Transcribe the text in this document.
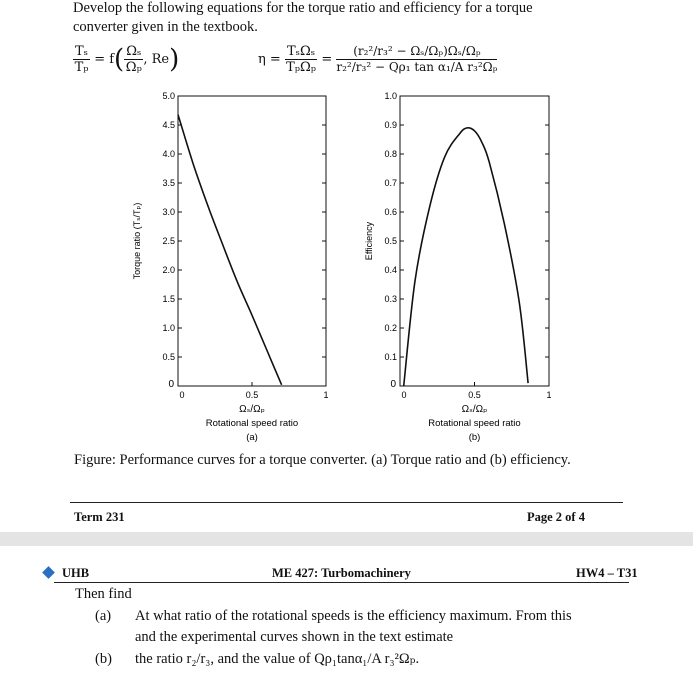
Develop the following equations for the torque ratio and efficiency for a torque

converter given in the textbook.

$\frac{\text{Tₛ}}{\text{Tₚ}} = f( \frac{\text{Ωₛ}}{\text{Ωₚ}}$ , Re)	$\eta = \frac{\text{TₛΩₛ}}{\text{TₚΩₚ}} = \frac{\text{(r₂²/r₃² − Ωₛ/Ωₚ)Ωₛ/Ωₚ}}{\text{r₂²/r₃² − Qρ₁ tan α₁/A r₃²Ωₚ}}$
0.5
1.0
1.5
2.0
2.5
3.0
3.5
4.0
4.5
5.0
0
0	0.5	1
Ωₛ/Ωₚ
Rotational speed ratio
(a)
Torque ratio (Tₛ/Tₚ)
0.1
0.2
0.3
0.4
0.5
0.6
0.7
0.8
0.9
1.0
0
0	0.5	1
Ωₛ/Ωₚ
Rotational speed ratio
(b)
Efficiency

Figure: Performance curves for a torque converter. (a) Torque ratio and (b) efficiency.

Term 231	Page 2 of 4

UHB	ME 427: Turbomachinery	HW4 – T31

Then find

(a) At what ratio of the rotational speeds is the efficiency maximum. From this

and the experimental curves shown in the text estimate

(b) the ratio r₂/r₃, and the value of Qρ₁tanα₁/A r₃²Ωₚ.
